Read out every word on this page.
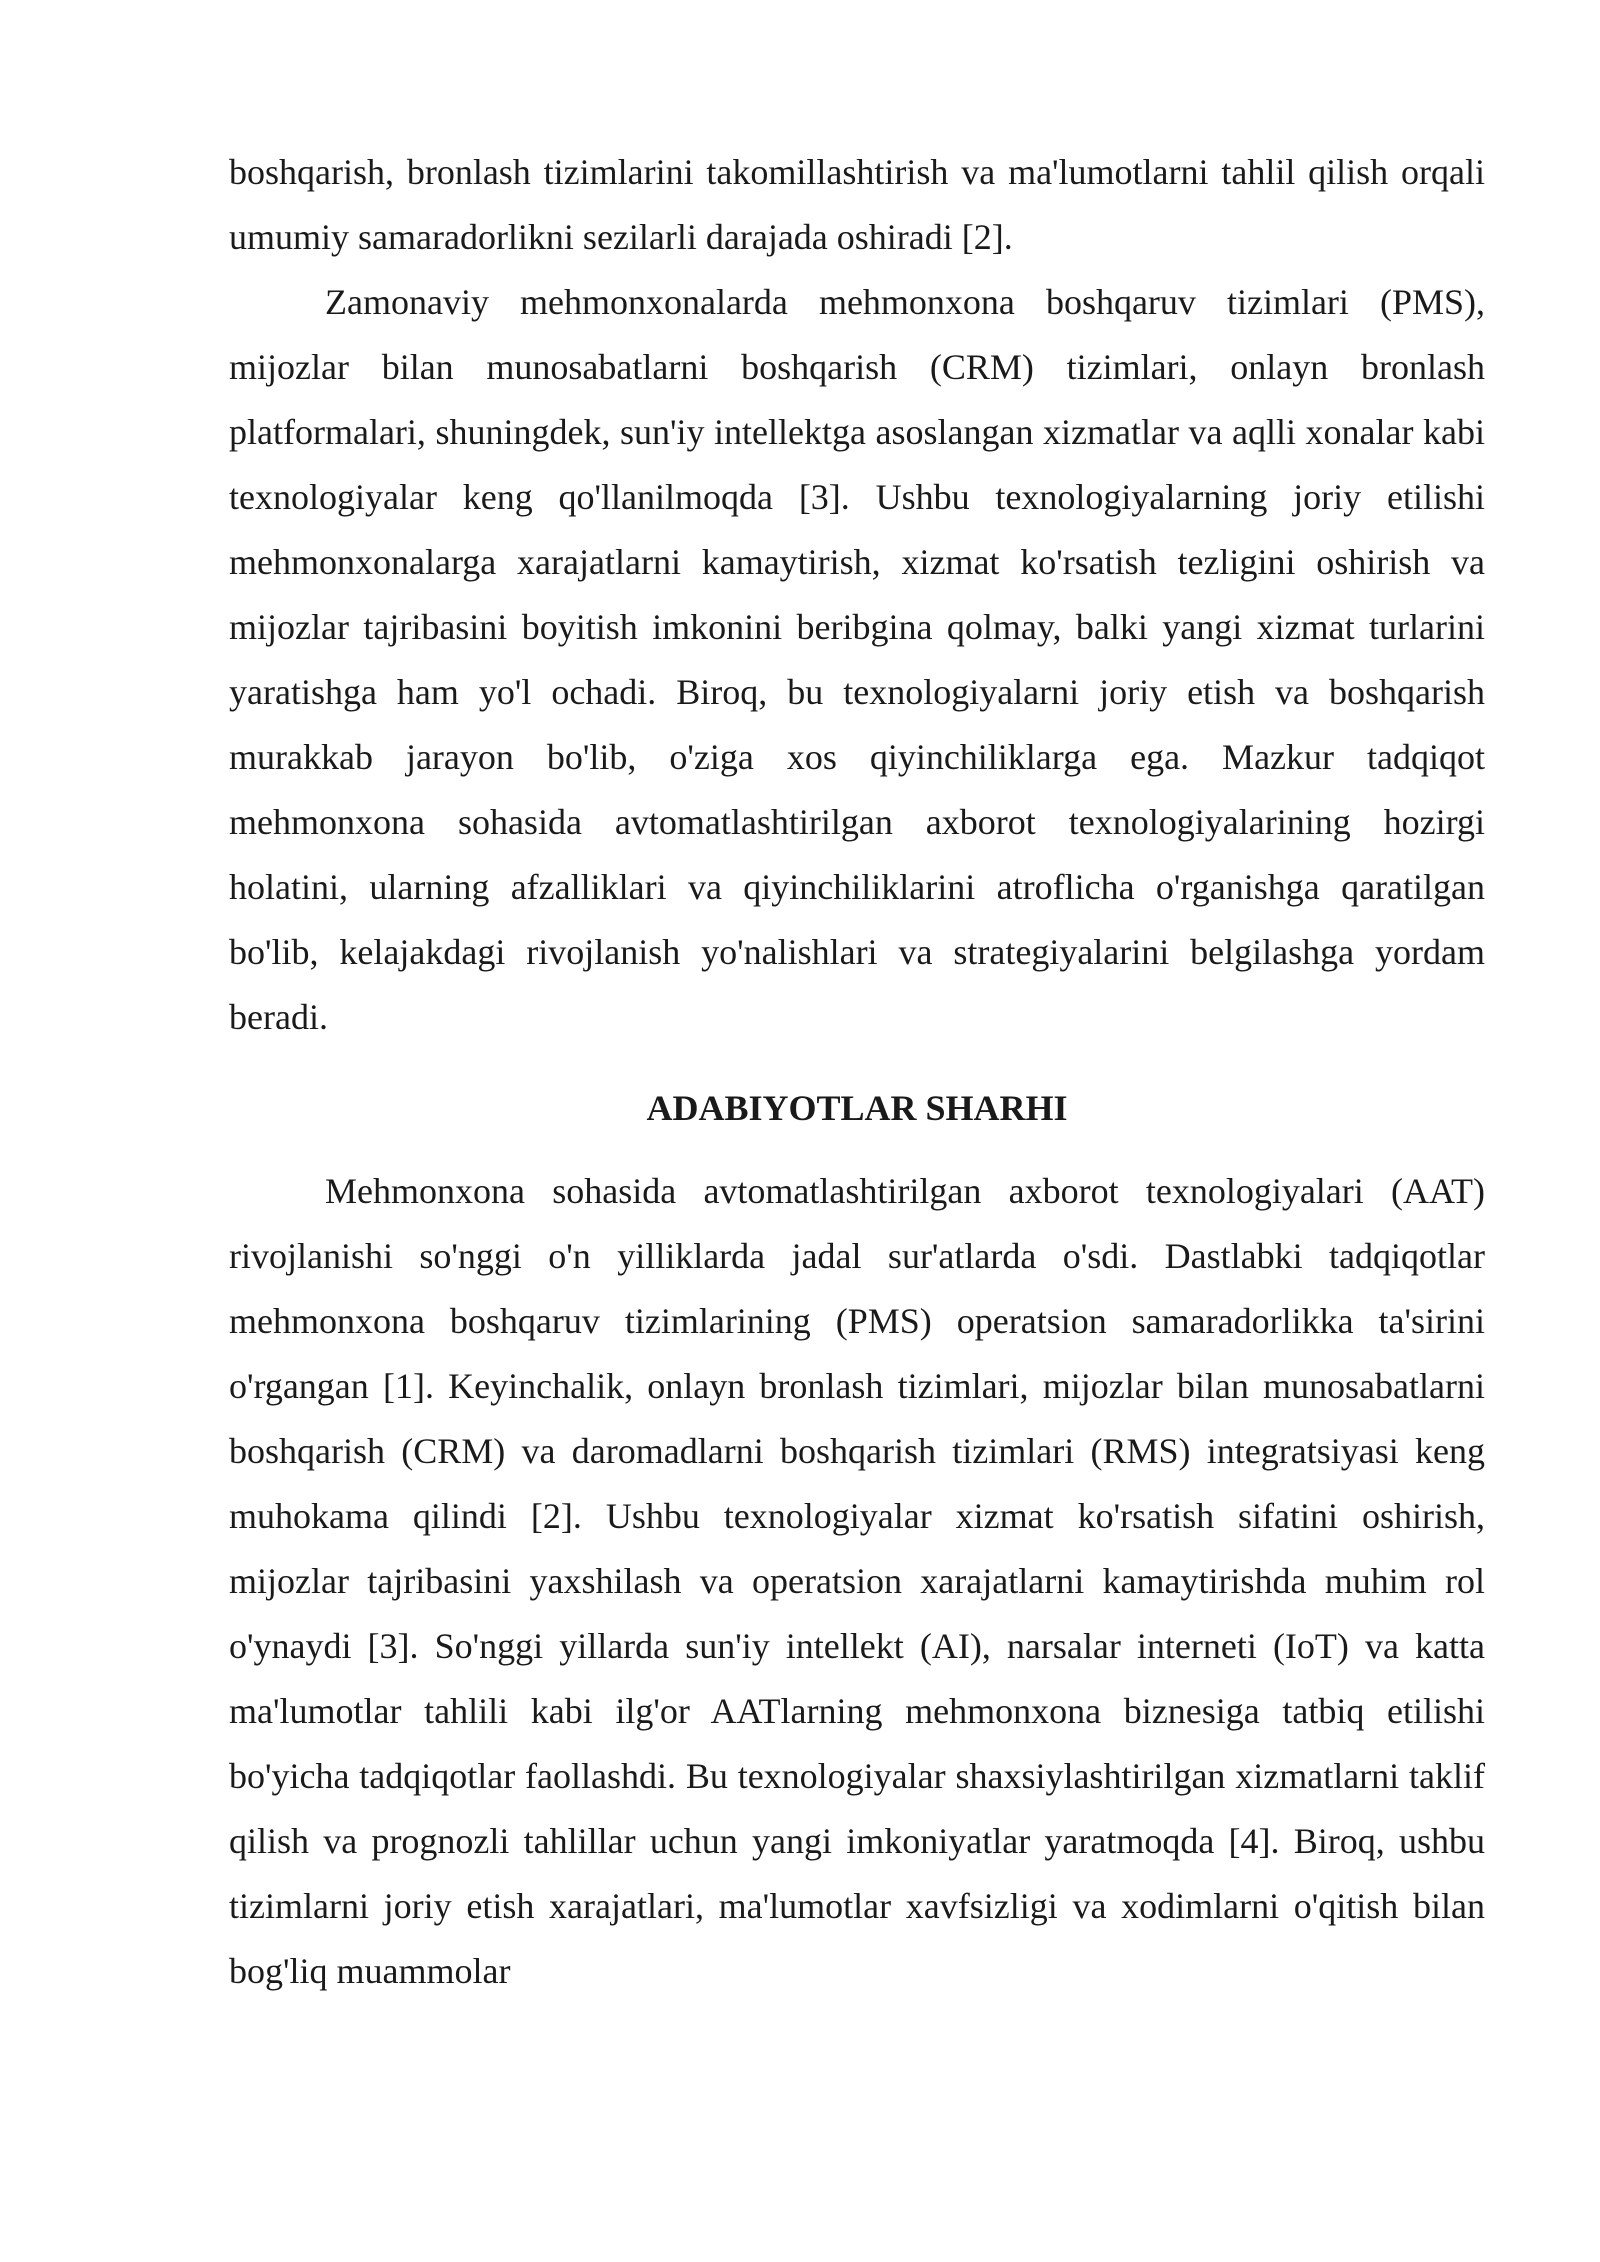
boshqarish, bronlash tizimlarini takomillashtirish va ma'lumotlarni tahlil qilish orqali umumiy samaradorlikni sezilarli darajada oshiradi [2].

Zamonaviy mehmonxonalarda mehmonxona boshqaruv tizimlari (PMS), mijozlar bilan munosabatlarni boshqarish (CRM) tizimlari, onlayn bronlash platformalari, shuningdek, sun'iy intellektga asoslangan xizmatlar va aqlli xonalar kabi texnologiyalar keng qo'llanilmoqda [3]. Ushbu texnologiyalarning joriy etilishi mehmonxonalarga xarajatlarni kamaytirish, xizmat ko'rsatish tezligini oshirish va mijozlar tajribasini boyitish imkonini beribgina qolmay, balki yangi xizmat turlarini yaratishga ham yo'l ochadi. Biroq, bu texnologiyalarni joriy etish va boshqarish murakkab jarayon bo'lib, o'ziga xos qiyinchiliklarga ega. Mazkur tadqiqot mehmonxona sohasida avtomatlashtirilgan axborot texnologiyalarining hozirgi holatini, ularning afzalliklari va qiyinchiliklarini atroflicha o'rganishga qaratilgan bo'lib, kelajakdagi rivojlanish yo'nalishlari va strategiyalarini belgilashga yordam beradi.

ADABIYOTLAR SHARHI

Mehmonxona sohasida avtomatlashtirilgan axborot texnologiyalari (AAT) rivojlanishi so'nggi o'n yilliklarda jadal sur'atlarda o'sdi. Dastlabki tadqiqotlar mehmonxona boshqaruv tizimlarining (PMS) operatsion samaradorlikka ta'sirini o'rgangan [1]. Keyinchalik, onlayn bronlash tizimlari, mijozlar bilan munosabatlarni boshqarish (CRM) va daromadlarni boshqarish tizimlari (RMS) integratsiyasi keng muhokama qilindi [2]. Ushbu texnologiyalar xizmat ko'rsatish sifatini oshirish, mijozlar tajribasini yaxshilash va operatsion xarajatlarni kamaytirishda muhim rol o'ynaydi [3]. So'nggi yillarda sun'iy intellekt (AI), narsalar interneti (IoT) va katta ma'lumotlar tahlili kabi ilg'or AATlarning mehmonxona biznesiga tatbiq etilishi bo'yicha tadqiqotlar faollashdi. Bu texnologiyalar shaxsiylashtirilgan xizmatlarni taklif qilish va prognozli tahlillar uchun yangi imkoniyatlar yaratmoqda [4]. Biroq, ushbu tizimlarni joriy etish xarajatlari, ma'lumotlar xavfsizligi va xodimlarni o'qitish bilan bog'liq muammolar
